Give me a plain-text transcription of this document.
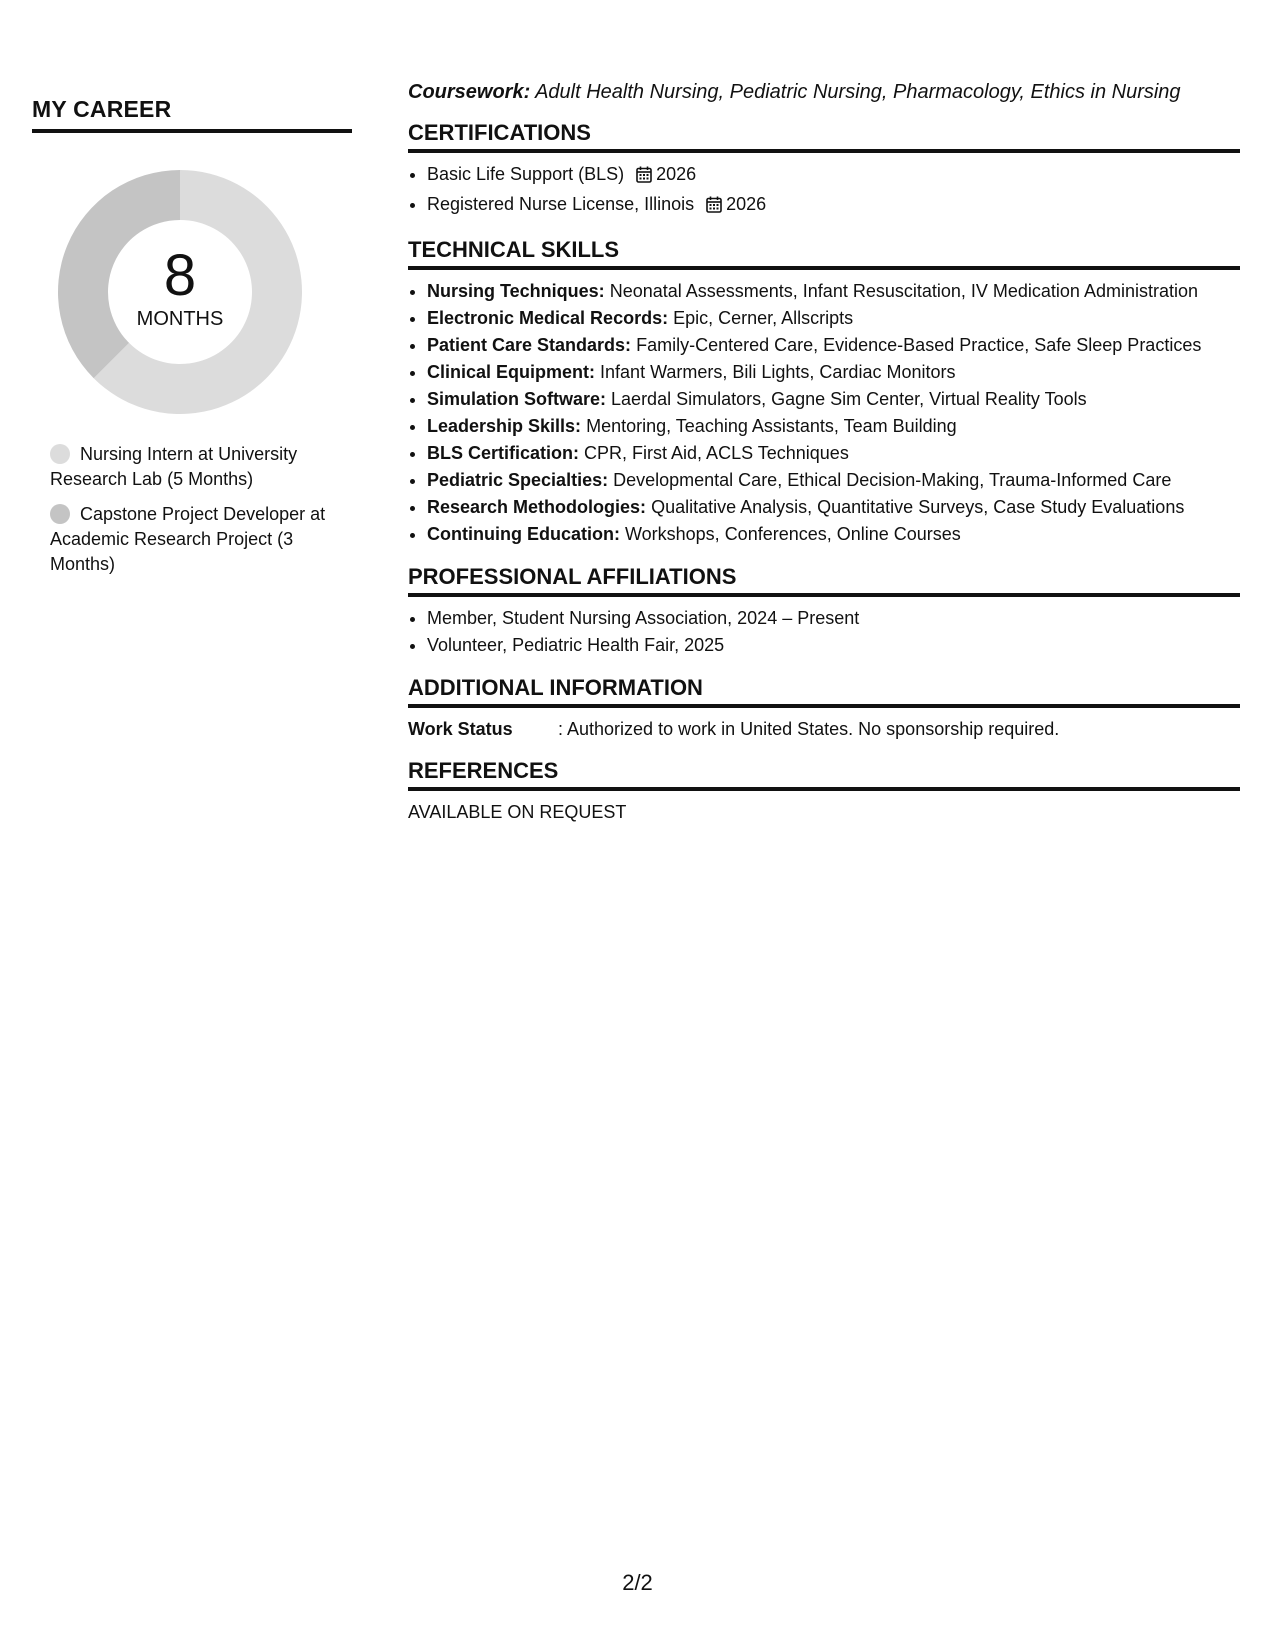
MY CAREER
8
MONTHS
Nursing Intern at University Research Lab (5 Months)
Capstone Project Developer at Academic Research Project (3 Months)

Coursework: Adult Health Nursing, Pediatric Nursing, Pharmacology, Ethics in Nursing

CERTIFICATIONS
• Basic Life Support (BLS) 2026
• Registered Nurse License, Illinois 2026
TECHNICAL SKILLS
• Nursing Techniques: Neonatal Assessments, Infant Resuscitation, IV Medication Administration
• Electronic Medical Records: Epic, Cerner, Allscripts
• Patient Care Standards: Family-Centered Care, Evidence-Based Practice, Safe Sleep Practices
• Clinical Equipment: Infant Warmers, Bili Lights, Cardiac Monitors
• Simulation Software: Laerdal Simulators, Gagne Sim Center, Virtual Reality Tools
• Leadership Skills: Mentoring, Teaching Assistants, Team Building
• BLS Certification: CPR, First Aid, ACLS Techniques
• Pediatric Specialties: Developmental Care, Ethical Decision-Making, Trauma-Informed Care
• Research Methodologies: Qualitative Analysis, Quantitative Surveys, Case Study Evaluations
• Continuing Education: Workshops, Conferences, Online Courses
PROFESSIONAL AFFILIATIONS
• Member, Student Nursing Association, 2024 – Present
• Volunteer, Pediatric Health Fair, 2025
ADDITIONAL INFORMATION
Work Status	: Authorized to work in United States. No sponsorship required.
REFERENCES

AVAILABLE ON REQUEST

2/2
